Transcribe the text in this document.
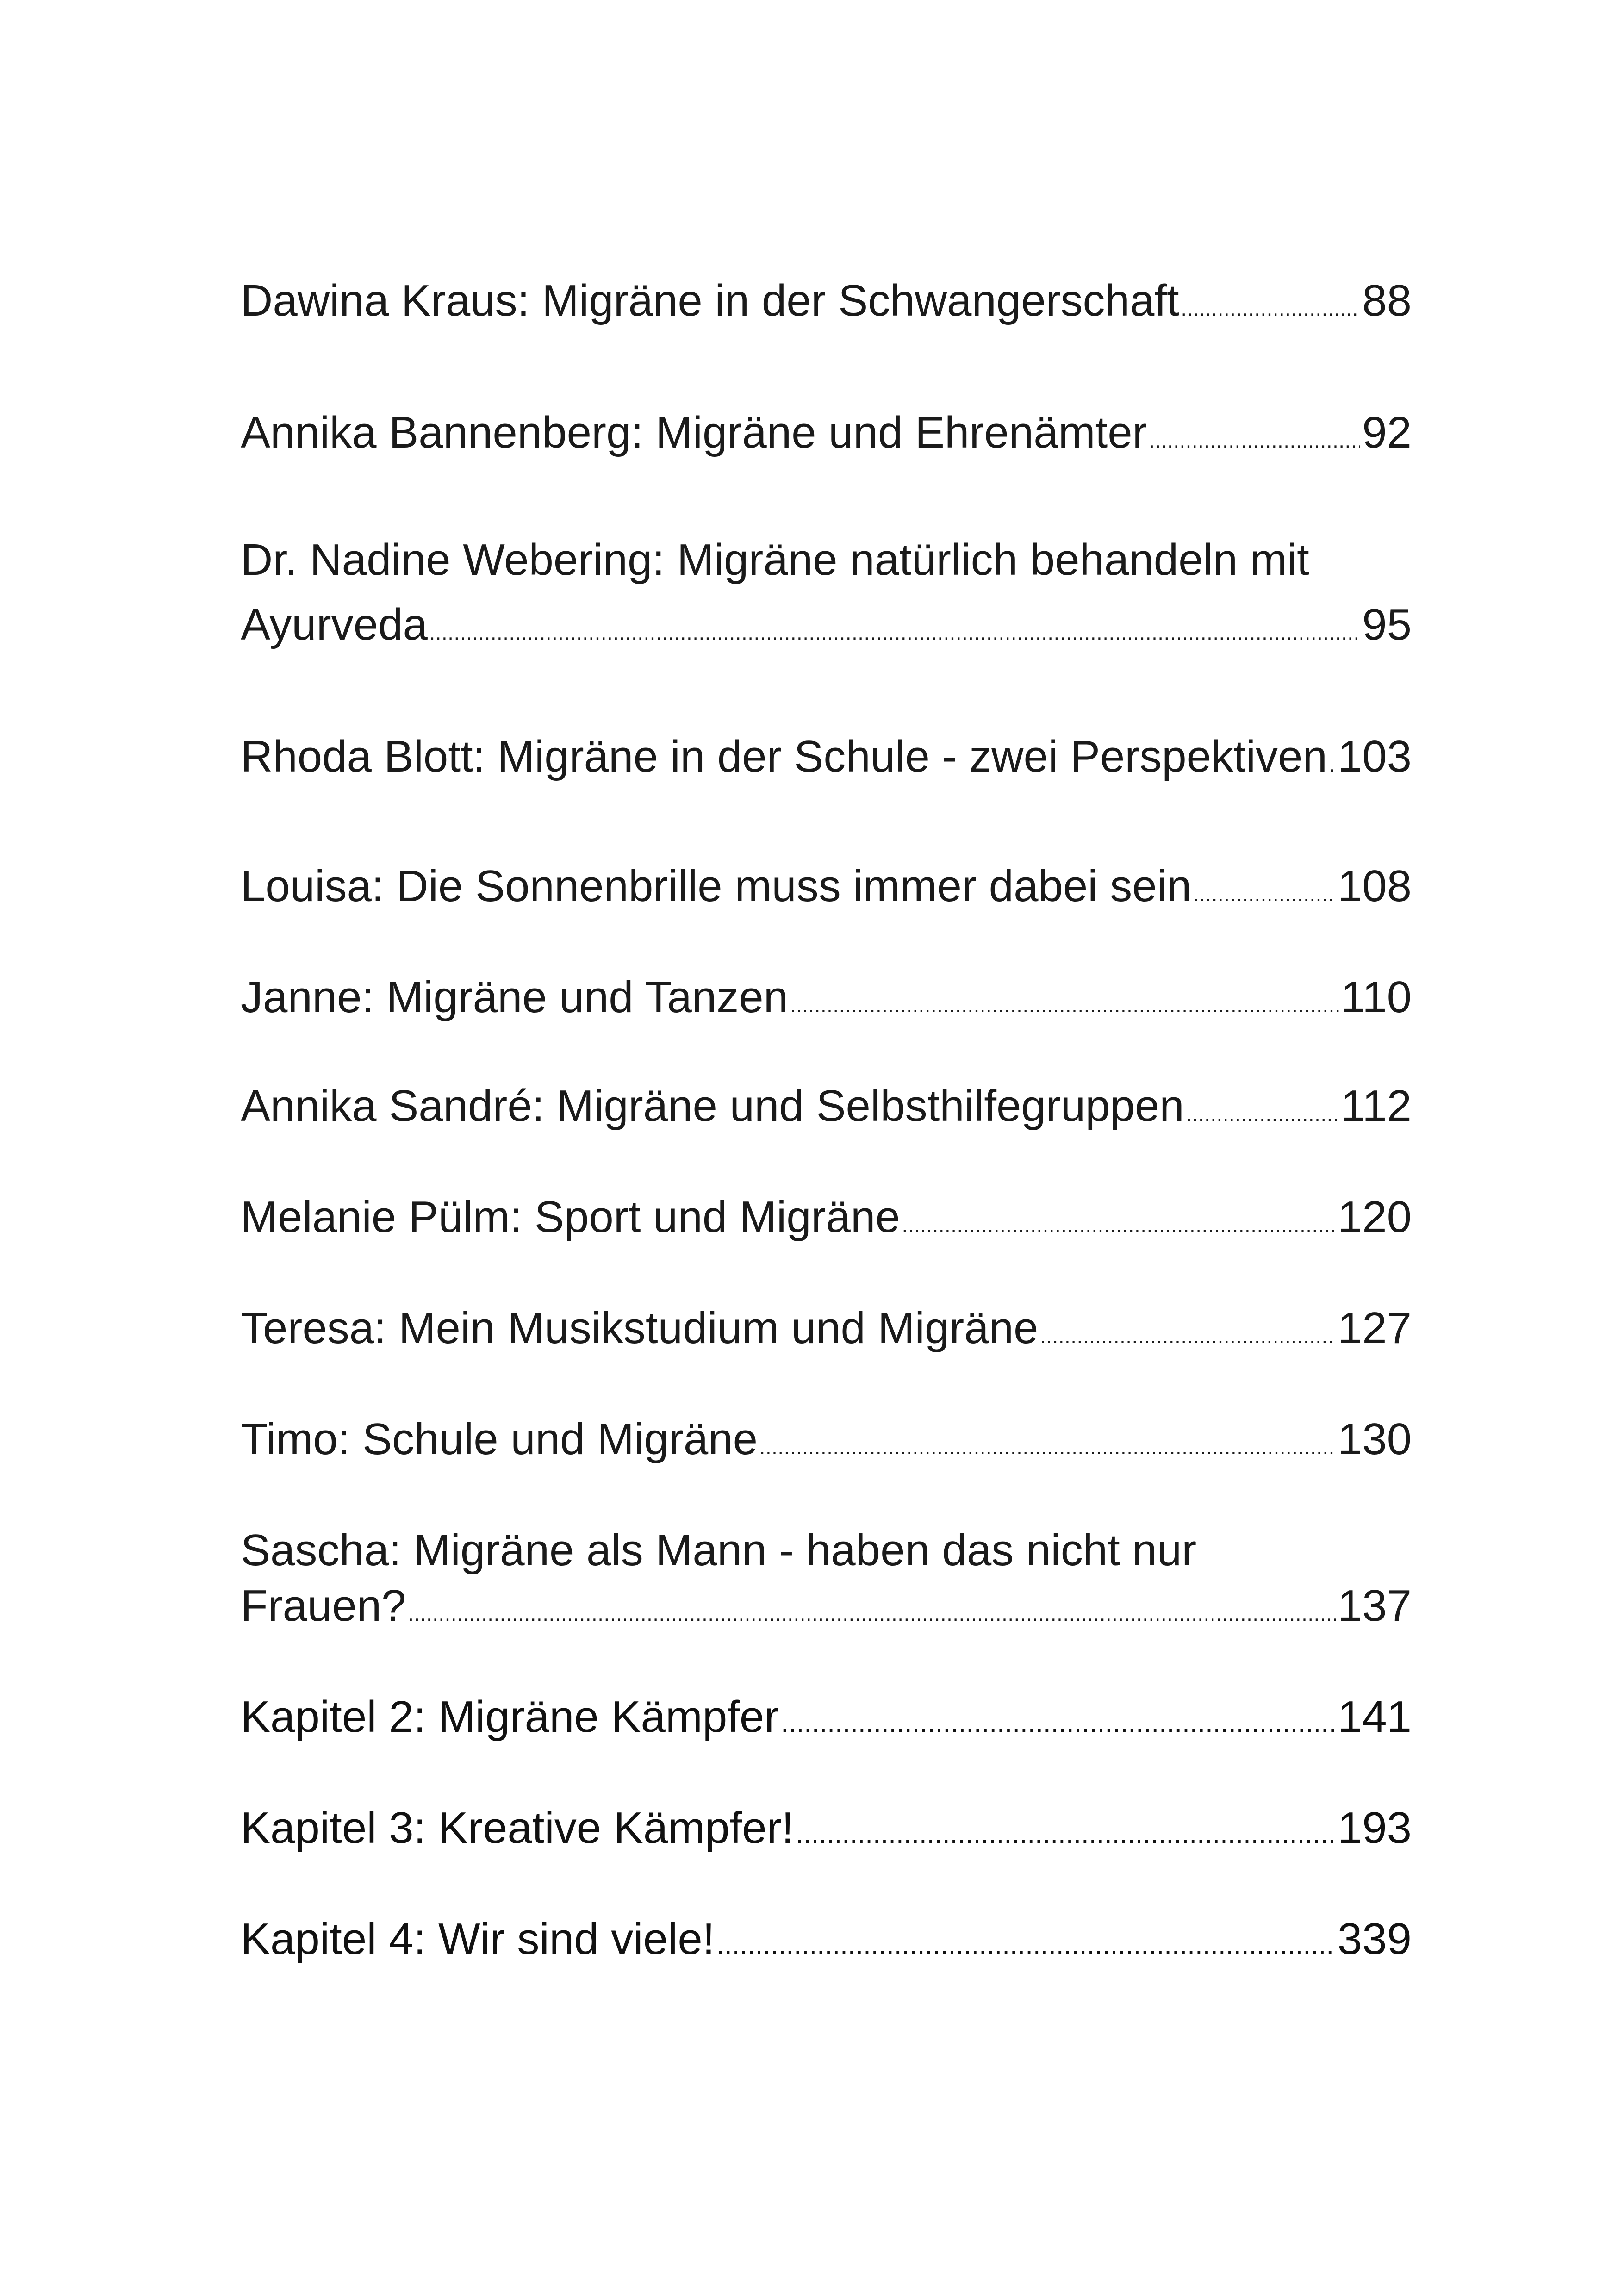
Dawina Kraus: Migräne in der Schwangerschaft .....	88
Annika Bannenberg: Migräne und Ehrenämter .....	92
Dr. Nadine Webering: Migräne natürlich behandeln mit
Ayurveda .....	95
Rhoda Blott: Migräne in der Schule - zwei Perspektiven ..... 103
Louisa: Die Sonnenbrille muss immer dabei sein .....	108
Janne: Migräne und Tanzen .....	110
Annika Sandré: Migräne und Selbsthilfegruppen .....	112
Melanie Pülm: Sport und Migräne .....	120
Teresa: Mein Musikstudium und Migräne .....	127
Timo: Schule und Migräne .....	130
Sascha: Migräne als Mann - haben das nicht nur
Frauen? .....	137
Kapitel 2: Migräne Kämpfer .....	141
Kapitel 3: Kreative Kämpfer! .....	193
Kapitel 4: Wir sind viele! .....	339
